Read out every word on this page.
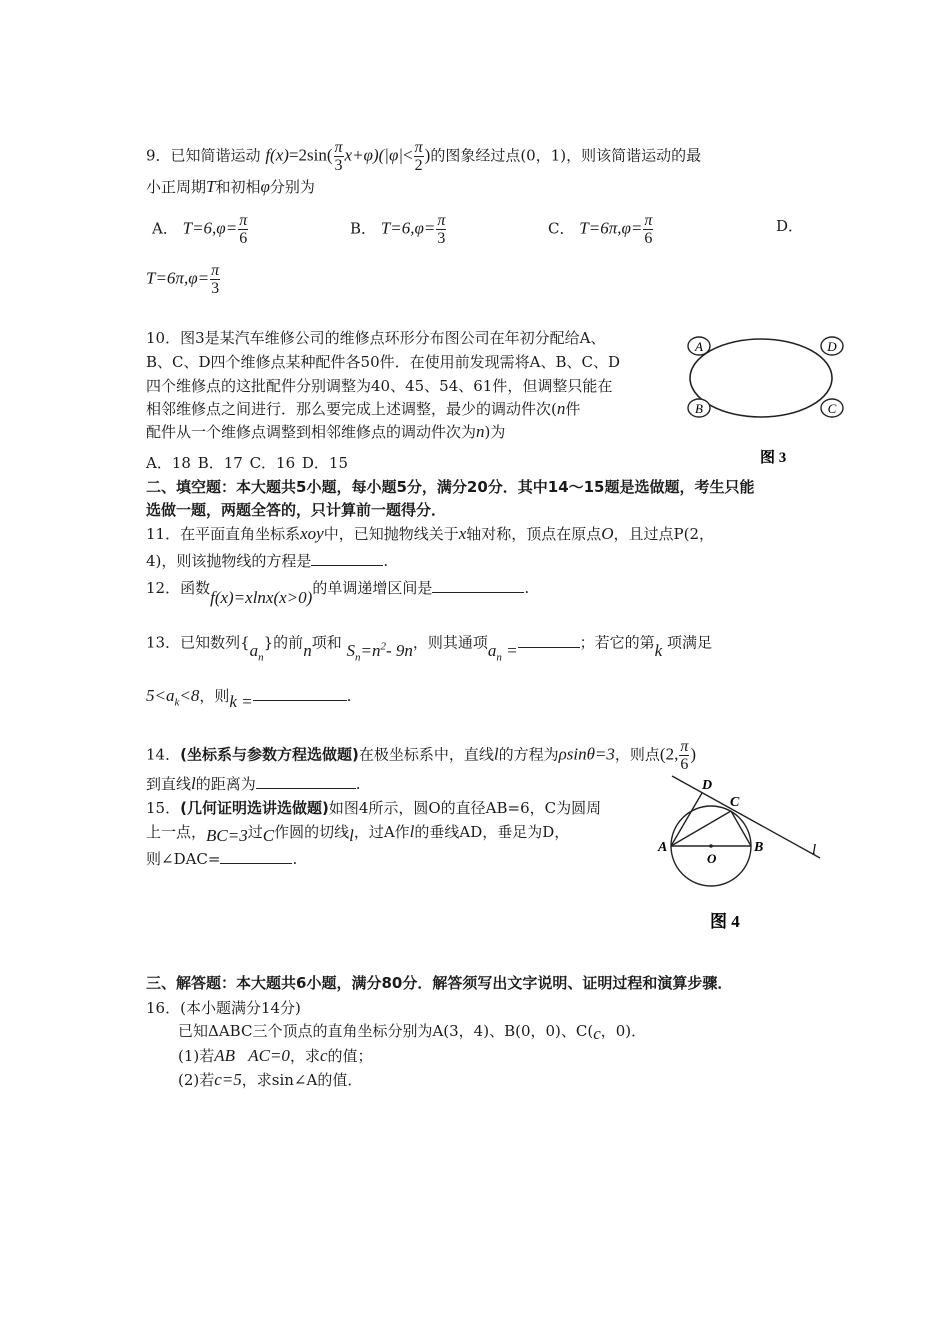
9．已知简谐运动 $f(x)=2\sin( \frac{\pi}{3} x+\varphi)(|\varphi|< \frac{\pi}{2}$ )的图象经过点(0，1)，则该简谐运动的最
小正周期T和初相φ分别为
A． $T=6,\varphi= \frac{\pi}{6}$	B． $T=6,\varphi= \frac{\pi}{3}$	C． $T=6\pi,\varphi= \frac{\pi}{6}$	D．
$T=6\pi,\varphi= \frac{\pi}{3}$
10．图3是某汽车维修公司的维修点环形分布图公司在年初分配给A、
B、C、D四个维修点某种配件各50件．在使用前发现需将A、B、C、D
四个维修点的这批配件分别调整为40、45、54、61件，但调整只能在
相邻维修点之间进行．那么要完成上述调整，最少的调动件次(n件
配件从一个维修点调整到相邻维修点的调动件次为n)为
A．18 B．17 C．16 D．15
A	D
B	C
图 3
二、填空题：本大题共5小题，每小题5分，满分20分．其中14～15题是选做题，考生只能
选做一题，两题全答的，只计算前一题得分．
11．在平面直角坐标系xoy中，已知抛物线关于x轴对称，顶点在原点O，且过点P(2，
4)，则该抛物线的方程是	.
12．函数f(x)=xlnx(x>0)的单调递增区间是	.
13．已知数列$\{a_n\}$的前n项和 $S_n=n^2-$ 9n，则其通项$a_n$ =	；若它的第k 项满足
$5<a_k<8$，则k =	.
14．(坐标系与参数方程选做题)在极坐标系中，直线l的方程为ρsinθ=3，则点(2, $\frac{\pi}{6}$ )
到直线l的距离为	.
15．(几何证明选讲选做题)如图4所示，圆O的直径AB=6，C为圆周
上一点，BC=3过C作圆的切线l，过A作l的垂线AD，垂足为D，
则∠DAC=	.
D
C
A
O
B	l
图 4
三、解答题：本大题共6小题，满分80分．解答须写出文字说明、证明过程和演算步骤．
16．(本小题满分14分)
已知ΔABC三个顶点的直角坐标分别为A(3，4)、B(0，0)、C(c，0)．
(1)若AB⃞AC=0，求c的值；
(2)若c=5，求sin∠A的值．
